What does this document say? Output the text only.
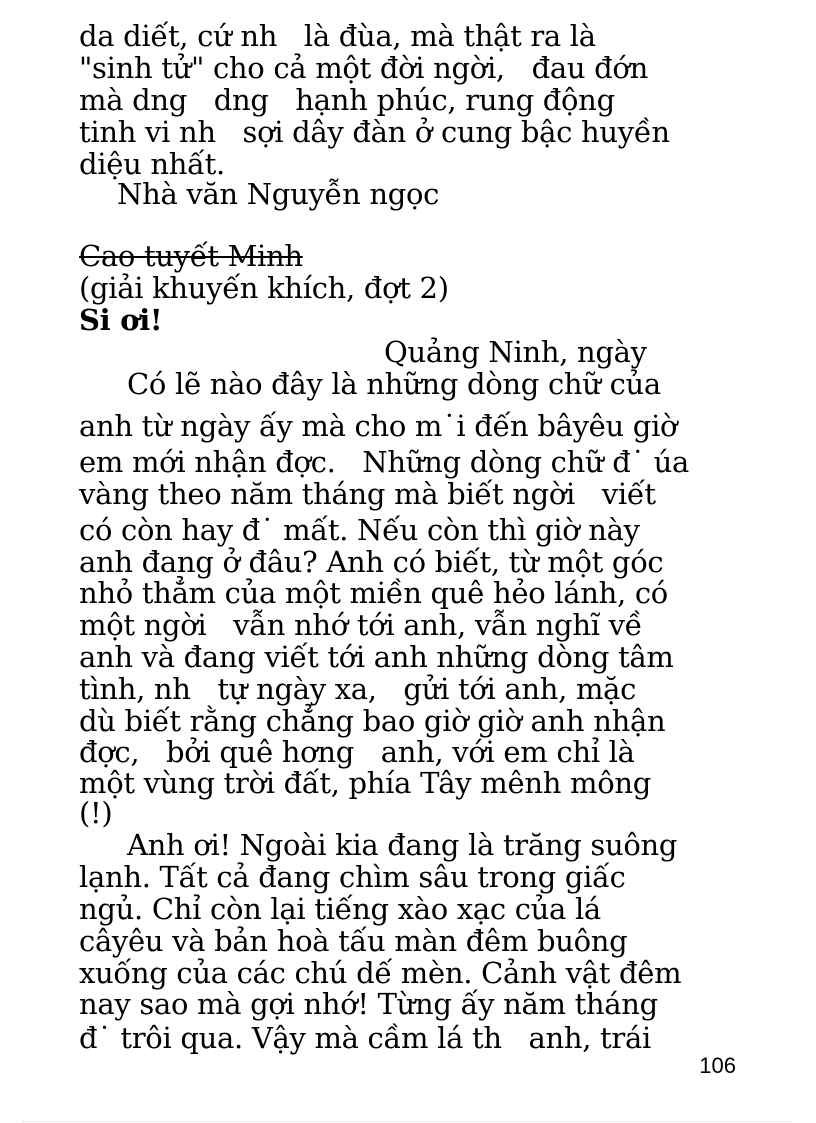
da diết, cứ nh   là đùa, mà thật ra là

"sinh tử" cho cả một đời ngời,   đau đớn

mà dng   dng   hạnh phúc, rung động

tinh vi nh   sợi dây đàn ở cung bậc huyền

diệu nhất.

Nhà văn Nguyễn ngọc

Cao tuyết Minh

(giải khuyến khích, đợt 2)

Si ơi!

Quảng Ninh, ngày

Có lẽ nào đây là những dòng chữ của

anh từ ngày ấy mà cho m˙i đến bâyêu giờ

em mới nhận đợc.   Những dòng chữ đ˙ úa

vàng theo năm tháng mà biết ngời   viết

có còn hay đ˙ mất. Nếu còn thì giờ này

anh đang ở đâu? Anh có biết, từ một góc

nhỏ thẳm của một miền quê hẻo lánh, có

một ngời   vẫn nhớ tới anh, vẫn nghĩ về

anh và đang viết tới anh những dòng tâm

tình, nh   tự ngày xa,   gửi tới anh, mặc

dù biết rằng chẳng bao giờ giờ anh nhận

đợc,   bởi quê hơng   anh, với em chỉ là

một vùng trời đất, phía Tây mênh mông

(!)

Anh ơi! Ngoài kia đang là trăng suông

lạnh. Tất cả đang chìm sâu trong giấc

ngủ. Chỉ còn lại tiếng xào xạc của lá

câyêu và bản hoà tấu màn đêm buông

xuống của các chú dế mèn. Cảnh vật đêm

nay sao mà gợi nhớ! Từng ấy năm tháng

đ˙ trôi qua. Vậy mà cầm lá th   anh, trái

106
